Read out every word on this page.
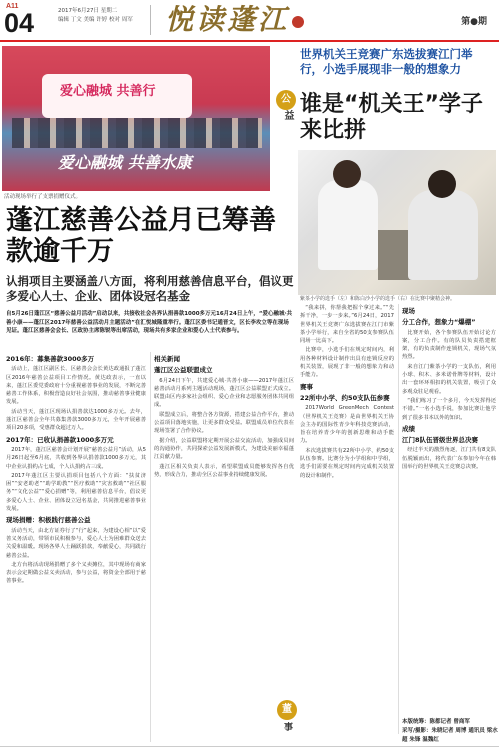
A11
04	2017年6月27日 星期二
编辑 丁文 美编 许婷 校对 周军 悦读蓬江	第●期
爱心融城 共善行
爱心融城 共善水康
活动现场举行了支票捐赠仪式。
公
益
世界机关王竞赛广东选拔赛江门举行，小选手展现非一般的想象力
谁是“机关王”学子来比拼
紫茶小学的选手（左）和陈白沙小学的选手（右）在比赛中聚精会神。
蓬江慈善公益月已筹善款逾千万
认捐项目主要涵盖八方面，将利用慈善信息平台，倡议更多爱心人士、企业、团体设冠名基金
自5月26日蓬江区“慈善公益月活动”启动以来，共接收社会各界认捐善款1000多万元16月24日上午，“爱心融城·共善小康——蓬江区2017年慈善公益活动月主题活动”在汇悦城隆重举行。蓬江区委书记通晋文，区长李攻立等在现场见证。蓬江区慈善会会长、区政协主席陈锐等出席活动，现场共有多家企业和爱心人士代表参与。
2016年：募集善款3000多万

活动上，蓬江区副区长、区慈善会会长黄达政通报了蓬江区2016年慈善公益项目工作情况。黄达政表示，一直以来，蓬江区委党委政府十分重视慈善事业的发展，不断完善慈善工作体系，积极营造良好社会氛围，推动慈善事业健康发展。

活动当天，蓬江区现场认捐善款达1000多万元。去年，蓬江区慈善会全年共募集善款3000多万元，全年开展慈善项目20多项，受惠群众超过万人。

2017年：已收认捐善款1000多万元

2017年，蓬江区慈善会计划开展“慈善公益月”活动，从5月26日起至6月底，共收到各界认捐善款1000多万元，其中企业认捐约占七成，个人认捐约占三成。

2017年蓬江区主要认捐项目包括八个方面：“扶贫济困”“安老助老”“助学助教”“医疗救助”“灾害救助”“社区服务”“文化公益”“爱心捐赠”等，利用慈善信息平台，倡议更多爱心人士、企业、团体设立冠名基金，共同推进慈善事业发展。

现场捐赠：积极践行慈善公益

活动当天，由北方证券行了“行”起来，为建设心相“以”爱善义务活动，带领市民积极参与，爱心人士为困难群众送去关爱和温暖。现场各界人士踊跃捐款，奉献爱心，共同践行慈善公益。

北方台将活动现场捐赠了多个义卖摊位，其中现场有商家表示会定期做公益义卖活动，参与公益，将资金全部用于慈善事业。

相关新闻
蓬江区公益联盟成立

6月24日下午，共建爱心城·共善小康——2017年蓬江区慈善活动月系列主题活动现场，蓬江区公益联盟正式成立。联盟由区内多家社会组织、爱心企业和志愿服务团体共同组成。

联盟成立后，将整合各方资源，搭建公益合作平台，推动公益项目落地实施，让更多群众受益。联盟成员单位代表在现场签署了合作协议。

据介绍，公益联盟将定期开展公益交流活动，加强成员间的沟通协作，共同探索公益发展新模式，为建设美丽幸福蓬江贡献力量。

蓬江区相关负责人表示，希望联盟成员能够发挥各自优势，形成合力，推动全区公益事业持续健康发展。

“我来拼，你帮我把握个拿过来。”“先拆干净，一步一步来。”6月24日，2017世界机关王竞赛广东选拔赛在江门市紫茶小学举行，来自全省的50支参赛队伍同场一比高下。

比赛中，小选手们在规定时间内，利用各种材料设计制作出具有连锁反应的机关装置，展现了非一般的想象力和动手能力。

赛事
22所中小学、约50支队伍参赛

2017World GreenMech Contest（世界机关王竞赛）是由世界机关王协会主办的国际性青少年科技竞赛活动，旨在培养青少年的创新思维和动手能力。

本次选拔赛共有22所中小学、约50支队伍参赛。比赛分为小学组和中学组，选手们需要在规定时间内完成机关装置的设计和制作。

现场
分工合作，想象力“爆棚”

比赛开始，各个参赛队伍开始讨论方案，分工合作。有的队员负责搭建框架，有的负责制作连锁机关，现场气氛热烈。

来自江门紫茶小学的一支队伍，利用小球、积木、多米诺骨牌等材料，设计出一套环环相扣的机关装置，吸引了众多观众驻足观看。

“我们练习了一个多月，今天发挥得还不错。”一名小选手说，参加比赛让他学到了很多书本以外的知识。

成绩
江门8队伍晋级世界总决赛

经过半天的激烈角逐，江门共有8支队伍脱颖而出，将代表广东参加今年在韩国举行的世界机关王竞赛总决赛。

董
事	本版统筹：陈都记者 曾商军
采写/摄影：朱晓记者 周博 通讯员 梁水超 朱锋 温魏红
